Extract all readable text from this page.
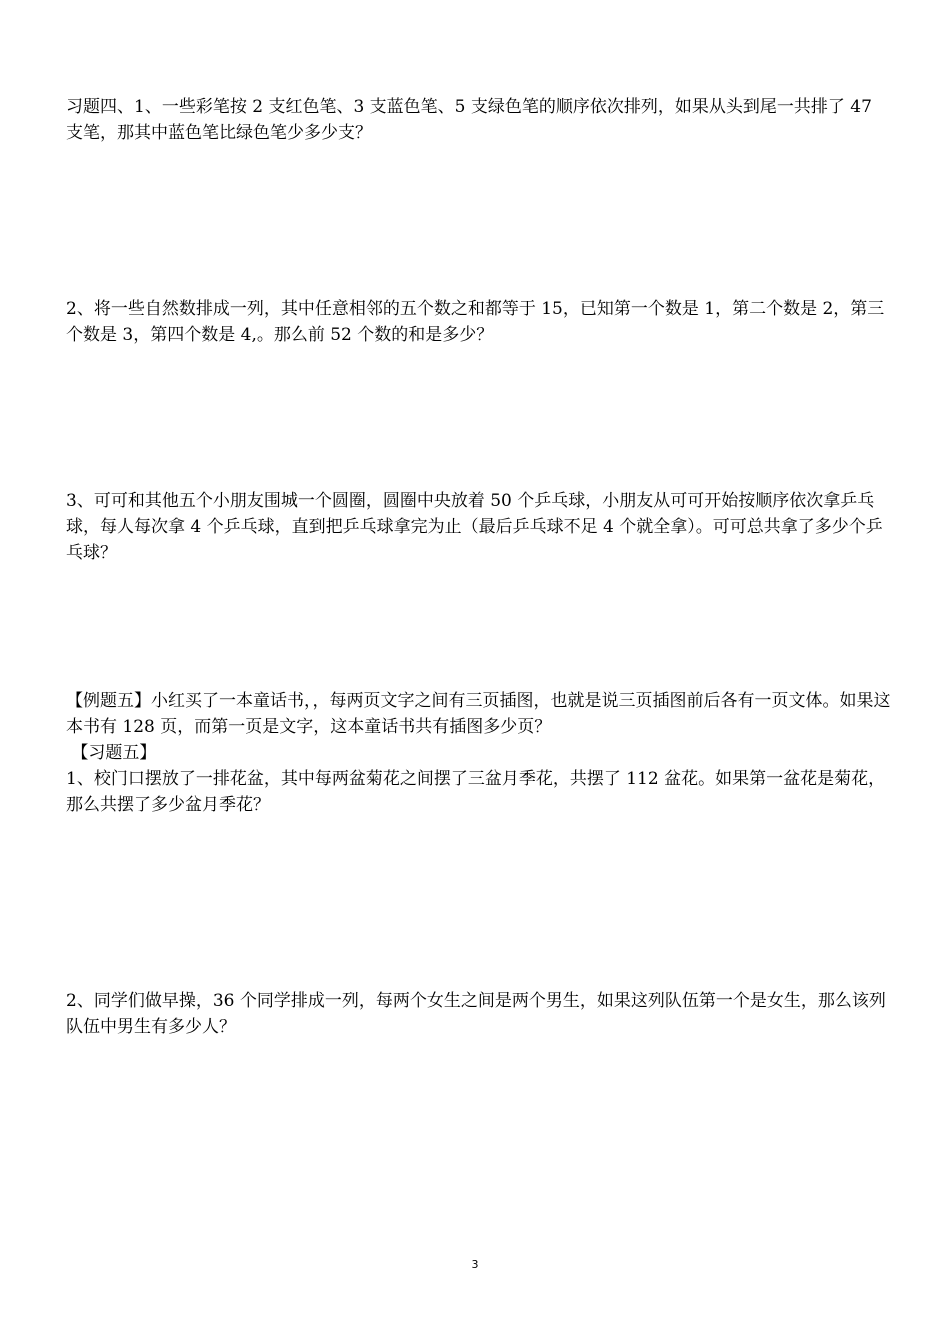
习题四、1、一些彩笔按 2 支红色笔、3 支蓝色笔、5 支绿色笔的顺序依次排列，如果从头到尾一共排了 47 支笔，那其中蓝色笔比绿色笔少多少支？

2、将一些自然数排成一列，其中任意相邻的五个数之和都等于 15，已知第一个数是 1，第二个数是 2，第三个数是 3，第四个数是 4,。那么前 52 个数的和是多少？

3、可可和其他五个小朋友围城一个圆圈，圆圈中央放着 50 个乒乓球，小朋友从可可开始按顺序依次拿乒乓球，每人每次拿 4 个乒乓球，直到把乒乓球拿完为止（最后乒乓球不足 4 个就全拿）。可可总共拿了多少个乒乓球？

【例题五】小红买了一本童话书，，每两页文字之间有三页插图，也就是说三页插图前后各有一页文体。如果这本书有 128 页，而第一页是文字，这本童话书共有插图多少页？

【习题五】

1、校门口摆放了一排花盆，其中每两盆菊花之间摆了三盆月季花，共摆了 112 盆花。如果第一盆花是菊花，那么共摆了多少盆月季花？

2、同学们做早操，36 个同学排成一列，每两个女生之间是两个男生，如果这列队伍第一个是女生，那么该列队伍中男生有多少人？

3
